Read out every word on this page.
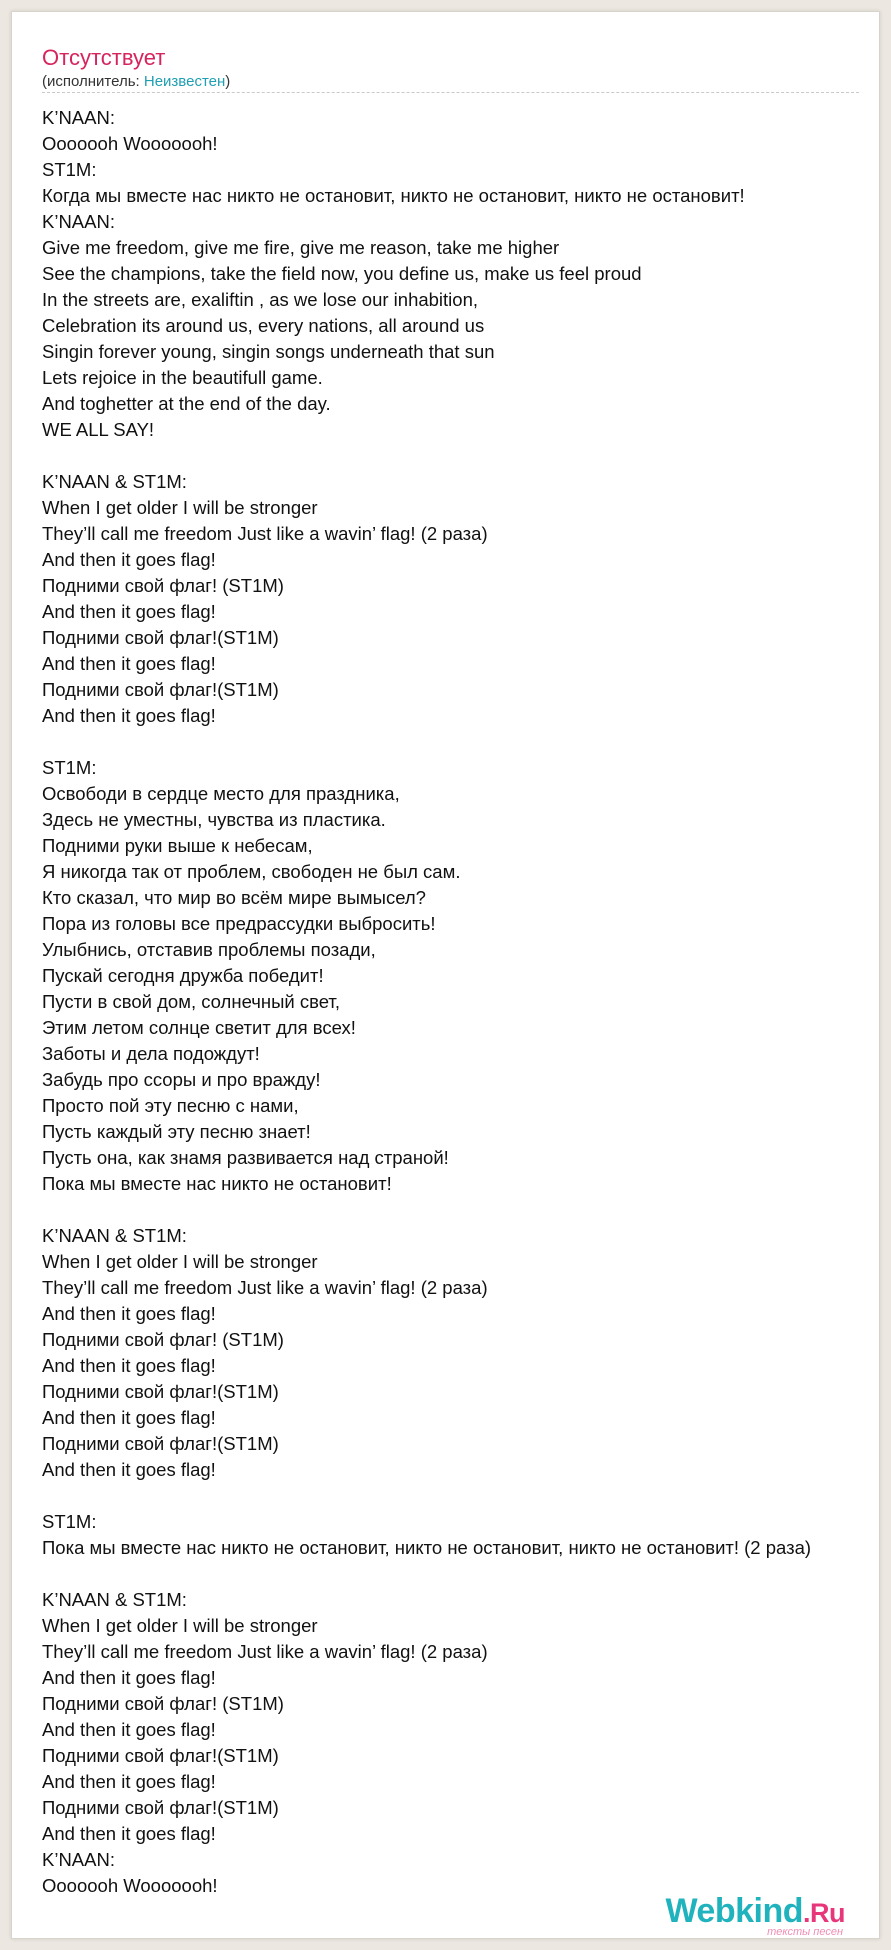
Отсутствует
(исполнитель: Неизвестен)
K’NAAN:
Ooooooh Wooooooh!
ST1M:
Когда мы вместе нас никто не остановит, никто не остановит, никто не остановит!
K’NAAN:
Give me freedom, give me fire, give me reason, take me higher
See the champions, take the field now, you define us, make us feel proud
In the streets are, exaliftin , as we lose our inhabition,
Celebration its around us, every nations, all around us
Singin forever young, singin songs underneath that sun
Lets rejoice in the beautifull game.
And toghetter at the end of the day.
WE ALL SAY!
K’NAAN & ST1M:
When I get older I will be stronger
They’ll call me freedom Just like a wavin’ flag! (2 раза)
And then it goes flag!
Подними свой флаг! (ST1M)
And then it goes flag!
Подними свой флаг!(ST1M)
And then it goes flag!
Подними свой флаг!(ST1M)
And then it goes flag!
ST1M:
Освободи в сердце место для праздника,
Здесь не уместны, чувства из пластика.
Подними руки выше к небесам,
Я никогда так от проблем, свободен не был сам.
Кто сказал, что мир во всём мире вымысел?
Пора из головы все предрассудки выбросить!
Улыбнись, отставив проблемы позади,
Пускай сегодня дружба победит!
Пусти в свой дом, солнечный свет,
Этим летом солнце светит для всех!
Заботы и дела подождут!
Забудь про ссоры и про вражду!
Просто пой эту песню с нами,
Пусть каждый эту песню знает!
Пусть она, как знамя развивается над страной!
Пока мы вместе нас никто не остановит!
K’NAAN & ST1M:
When I get older I will be stronger
They’ll call me freedom Just like a wavin’ flag! (2 раза)
And then it goes flag!
Подними свой флаг! (ST1M)
And then it goes flag!
Подними свой флаг!(ST1M)
And then it goes flag!
Подними свой флаг!(ST1M)
And then it goes flag!
ST1M:
Пока мы вместе нас никто не остановит, никто не остановит, никто не остановит! (2 раза)
K’NAAN & ST1M:
When I get older I will be stronger
They’ll call me freedom Just like a wavin’ flag! (2 раза)
And then it goes flag!
Подними свой флаг! (ST1M)
And then it goes flag!
Подними свой флаг!(ST1M)
And then it goes flag!
Подними свой флаг!(ST1M)
And then it goes flag!
K’NAAN:
Ooooooh Wooooooh!
Webkind.Ru
тексты песен
